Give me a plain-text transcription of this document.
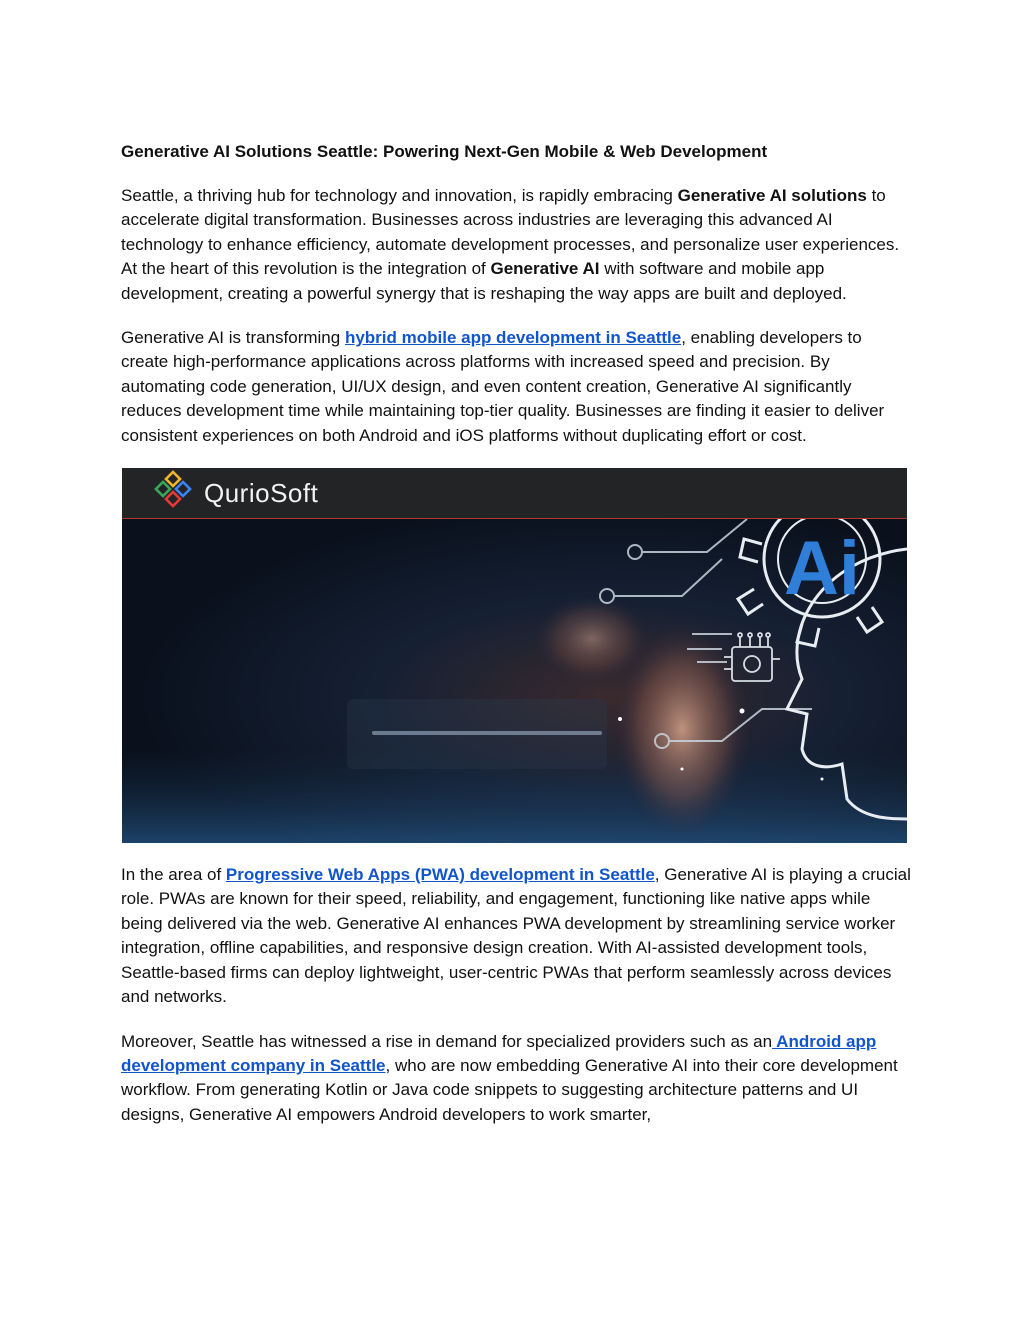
Generative AI Solutions Seattle: Powering Next-Gen Mobile & Web Development

Seattle, a thriving hub for technology and innovation, is rapidly embracing Generative AI solutions to accelerate digital transformation. Businesses across industries are leveraging this advanced AI technology to enhance efficiency, automate development processes, and personalize user experiences. At the heart of this revolution is the integration of Generative AI with software and mobile app development, creating a powerful synergy that is reshaping the way apps are built and deployed.

Generative AI is transforming hybrid mobile app development in Seattle, enabling developers to create high-performance applications across platforms with increased speed and precision. By automating code generation, UI/UX design, and even content creation, Generative AI significantly reduces development time while maintaining top-tier quality. Businesses are finding it easier to deliver consistent experiences on both Android and iOS platforms without duplicating effort or cost.

QurioSoft
Ai

In the area of Progressive Web Apps (PWA) development in Seattle, Generative AI is playing a crucial role. PWAs are known for their speed, reliability, and engagement, functioning like native apps while being delivered via the web. Generative AI enhances PWA development by streamlining service worker integration, offline capabilities, and responsive design creation. With AI-assisted development tools, Seattle-based firms can deploy lightweight, user-centric PWAs that perform seamlessly across devices and networks.

Moreover, Seattle has witnessed a rise in demand for specialized providers such as an Android app development company in Seattle, who are now embedding Generative AI into their core development workflow. From generating Kotlin or Java code snippets to suggesting architecture patterns and UI designs, Generative AI empowers Android developers to work smarter,
